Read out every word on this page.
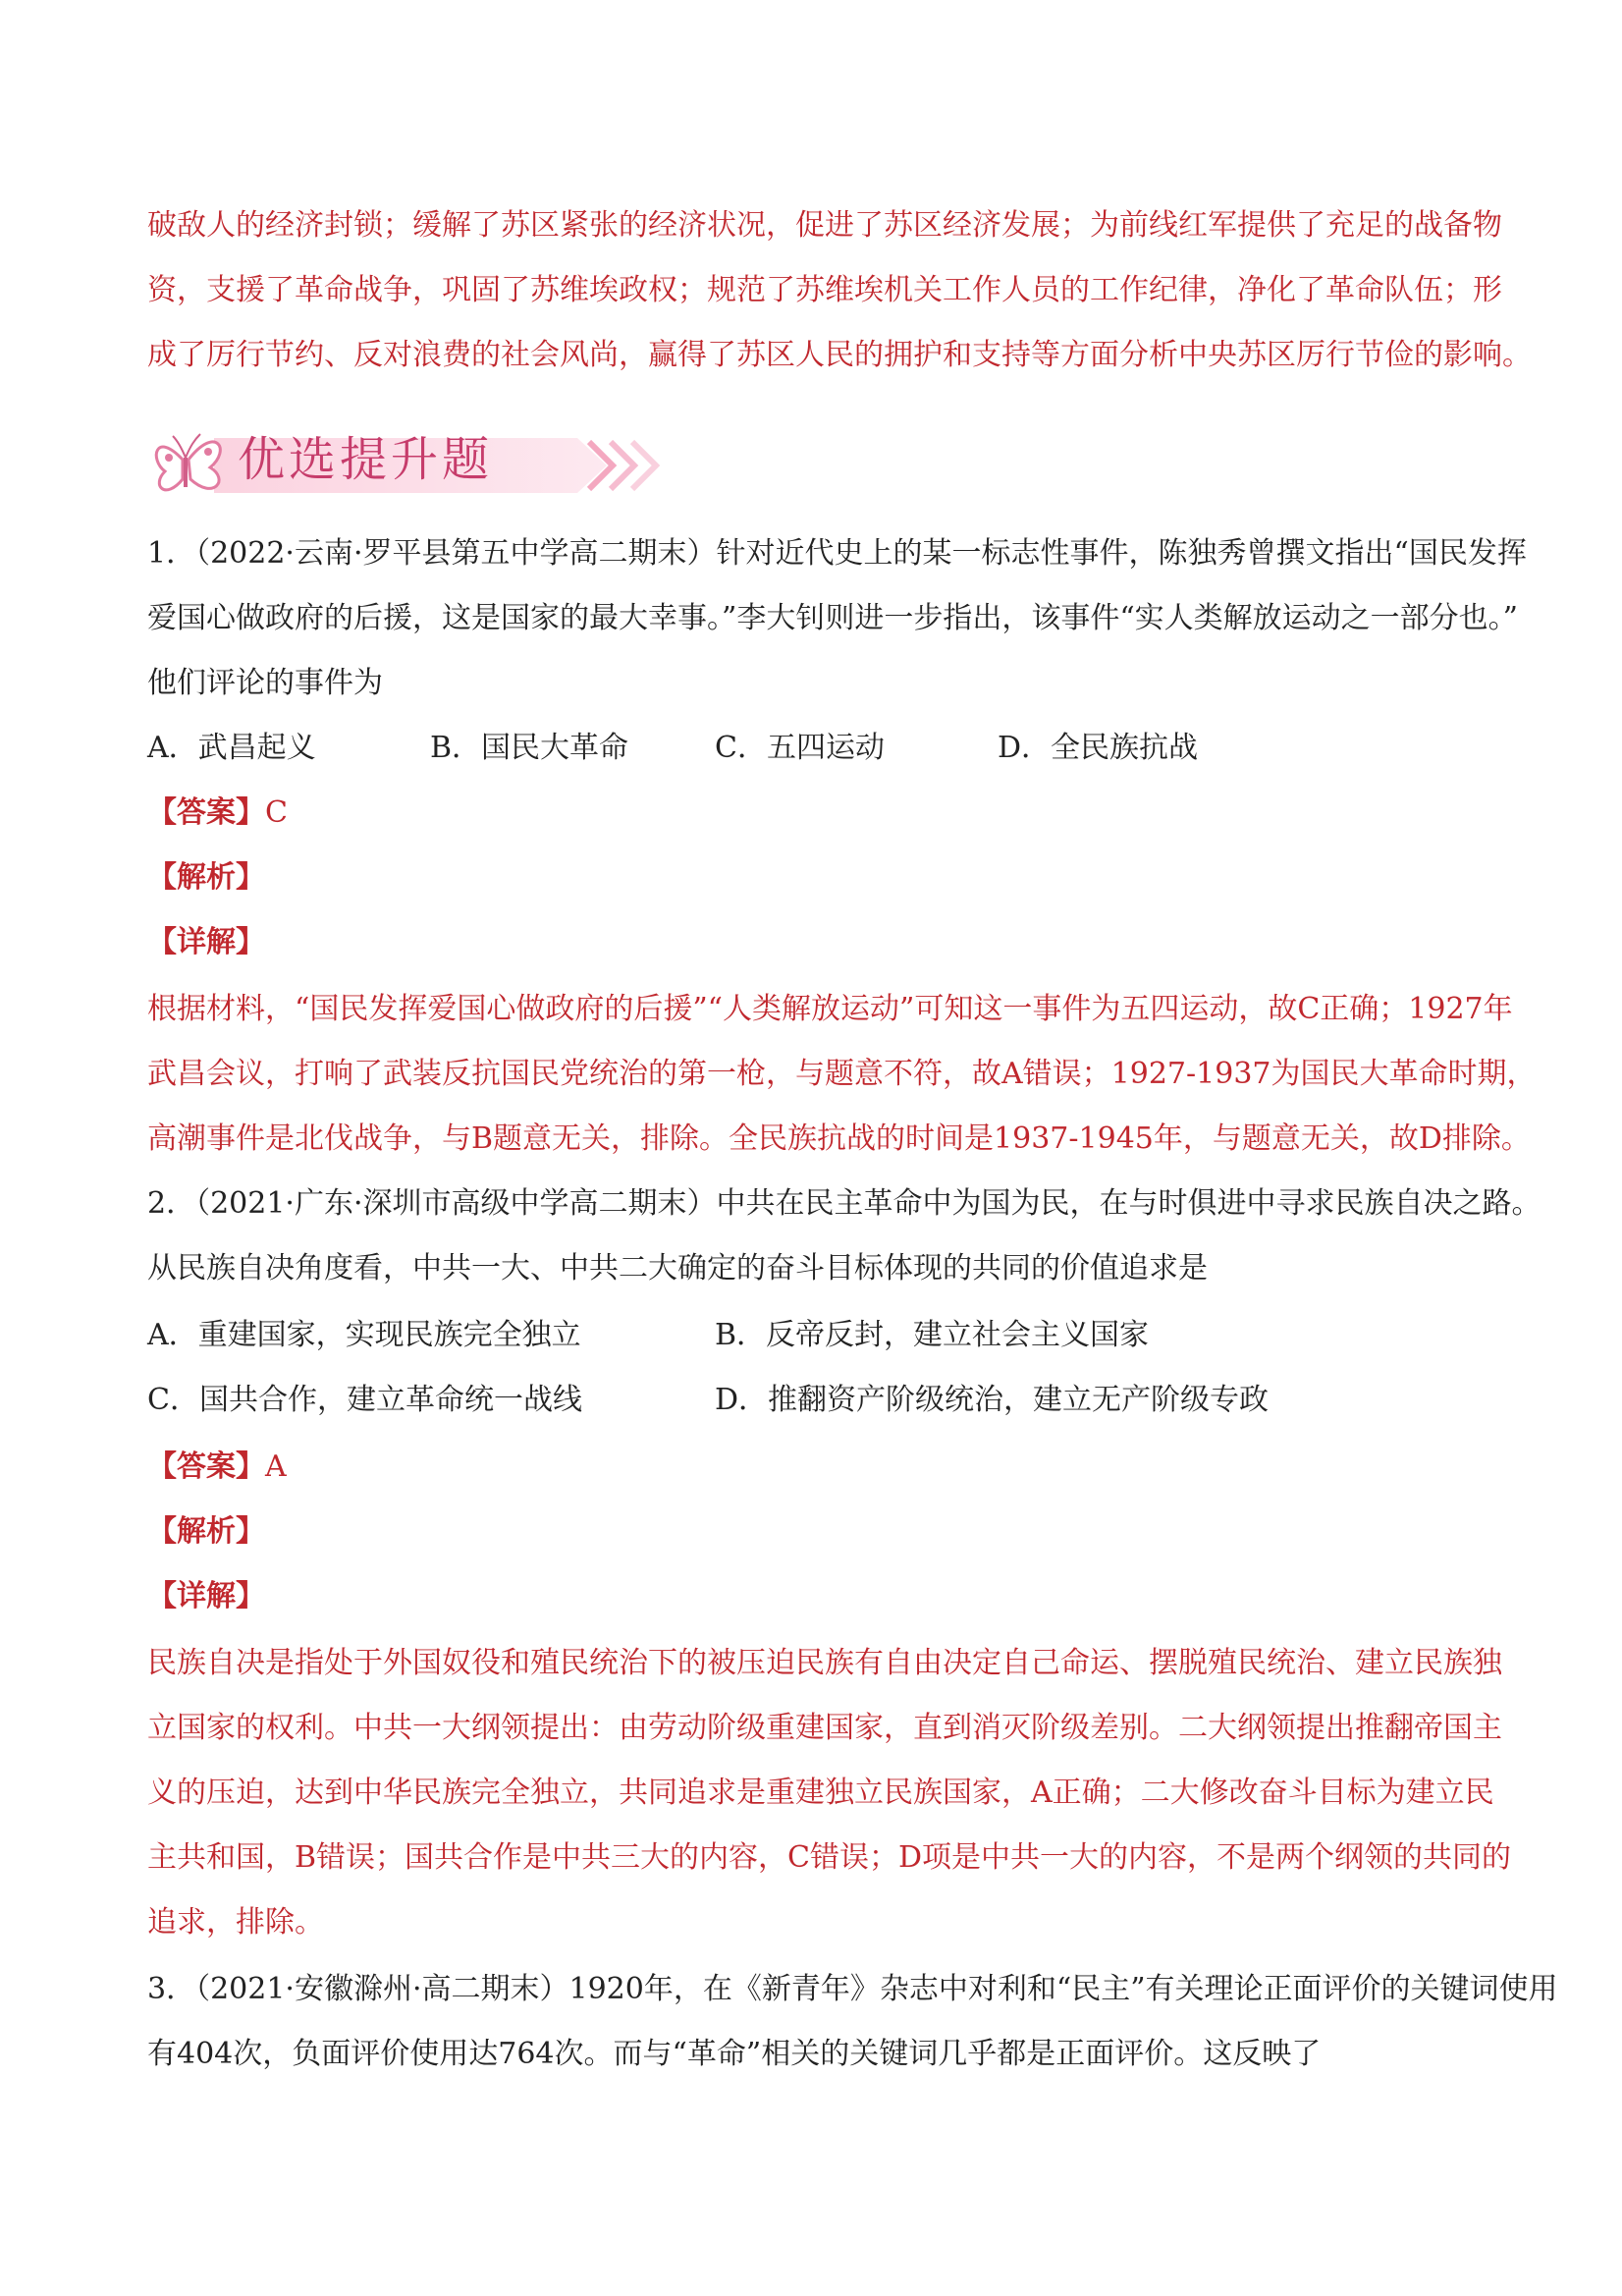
破敌人的经济封锁；缓解了苏区紧张的经济状况，促进了苏区经济发展；为前线红军提供了充足的战备物
资，支援了革命战争，巩固了苏维埃政权；规范了苏维埃机关工作人员的工作纪律，净化了革命队伍；形
成了厉行节约、反对浪费的社会风尚，赢得了苏区人民的拥护和支持等方面分析中央苏区厉行节俭的影响。
优选提升题
1．（2022·云南·罗平县第五中学高二期末）针对近代史上的某一标志性事件，陈独秀曾撰文指出“国民发挥
爱国心做政府的后援，这是国家的最大幸事。”李大钊则进一步指出，该事件“实人类解放运动之一部分也。”
他们评论的事件为
A．武昌起义	B．国民大革命	C．五四运动	D．全民族抗战
【答案】C
【解析】
【详解】
根据材料，“国民发挥爱国心做政府的后援”“人类解放运动”可知这一事件为五四运动，故C正确；1927年
武昌会议，打响了武装反抗国民党统治的第一枪，与题意不符，故A错误；1927-1937为国民大革命时期，
高潮事件是北伐战争，与B题意无关，排除。全民族抗战的时间是1937-1945年，与题意无关，故D排除。
2．（2021·广东·深圳市高级中学高二期末）中共在民主革命中为国为民，在与时俱进中寻求民族自决之路。
从民族自决角度看，中共一大、中共二大确定的奋斗目标体现的共同的价值追求是
A．重建国家，实现民族完全独立	B．反帝反封，建立社会主义国家
C．国共合作，建立革命统一战线	D．推翻资产阶级统治，建立无产阶级专政
【答案】A
【解析】
【详解】
民族自决是指处于外国奴役和殖民统治下的被压迫民族有自由决定自己命运、摆脱殖民统治、建立民族独
立国家的权利。中共一大纲领提出：由劳动阶级重建国家，直到消灭阶级差别。二大纲领提出推翻帝国主
义的压迫，达到中华民族完全独立，共同追求是重建独立民族国家，A正确；二大修改奋斗目标为建立民
主共和国，B错误；国共合作是中共三大的内容，C错误；D项是中共一大的内容，不是两个纲领的共同的
追求，排除。
3．（2021·安徽滁州·高二期末）1920年，在《新青年》杂志中对利和“民主”有关理论正面评价的关键词使用
有404次，负面评价使用达764次。而与“革命”相关的关键词几乎都是正面评价。这反映了
